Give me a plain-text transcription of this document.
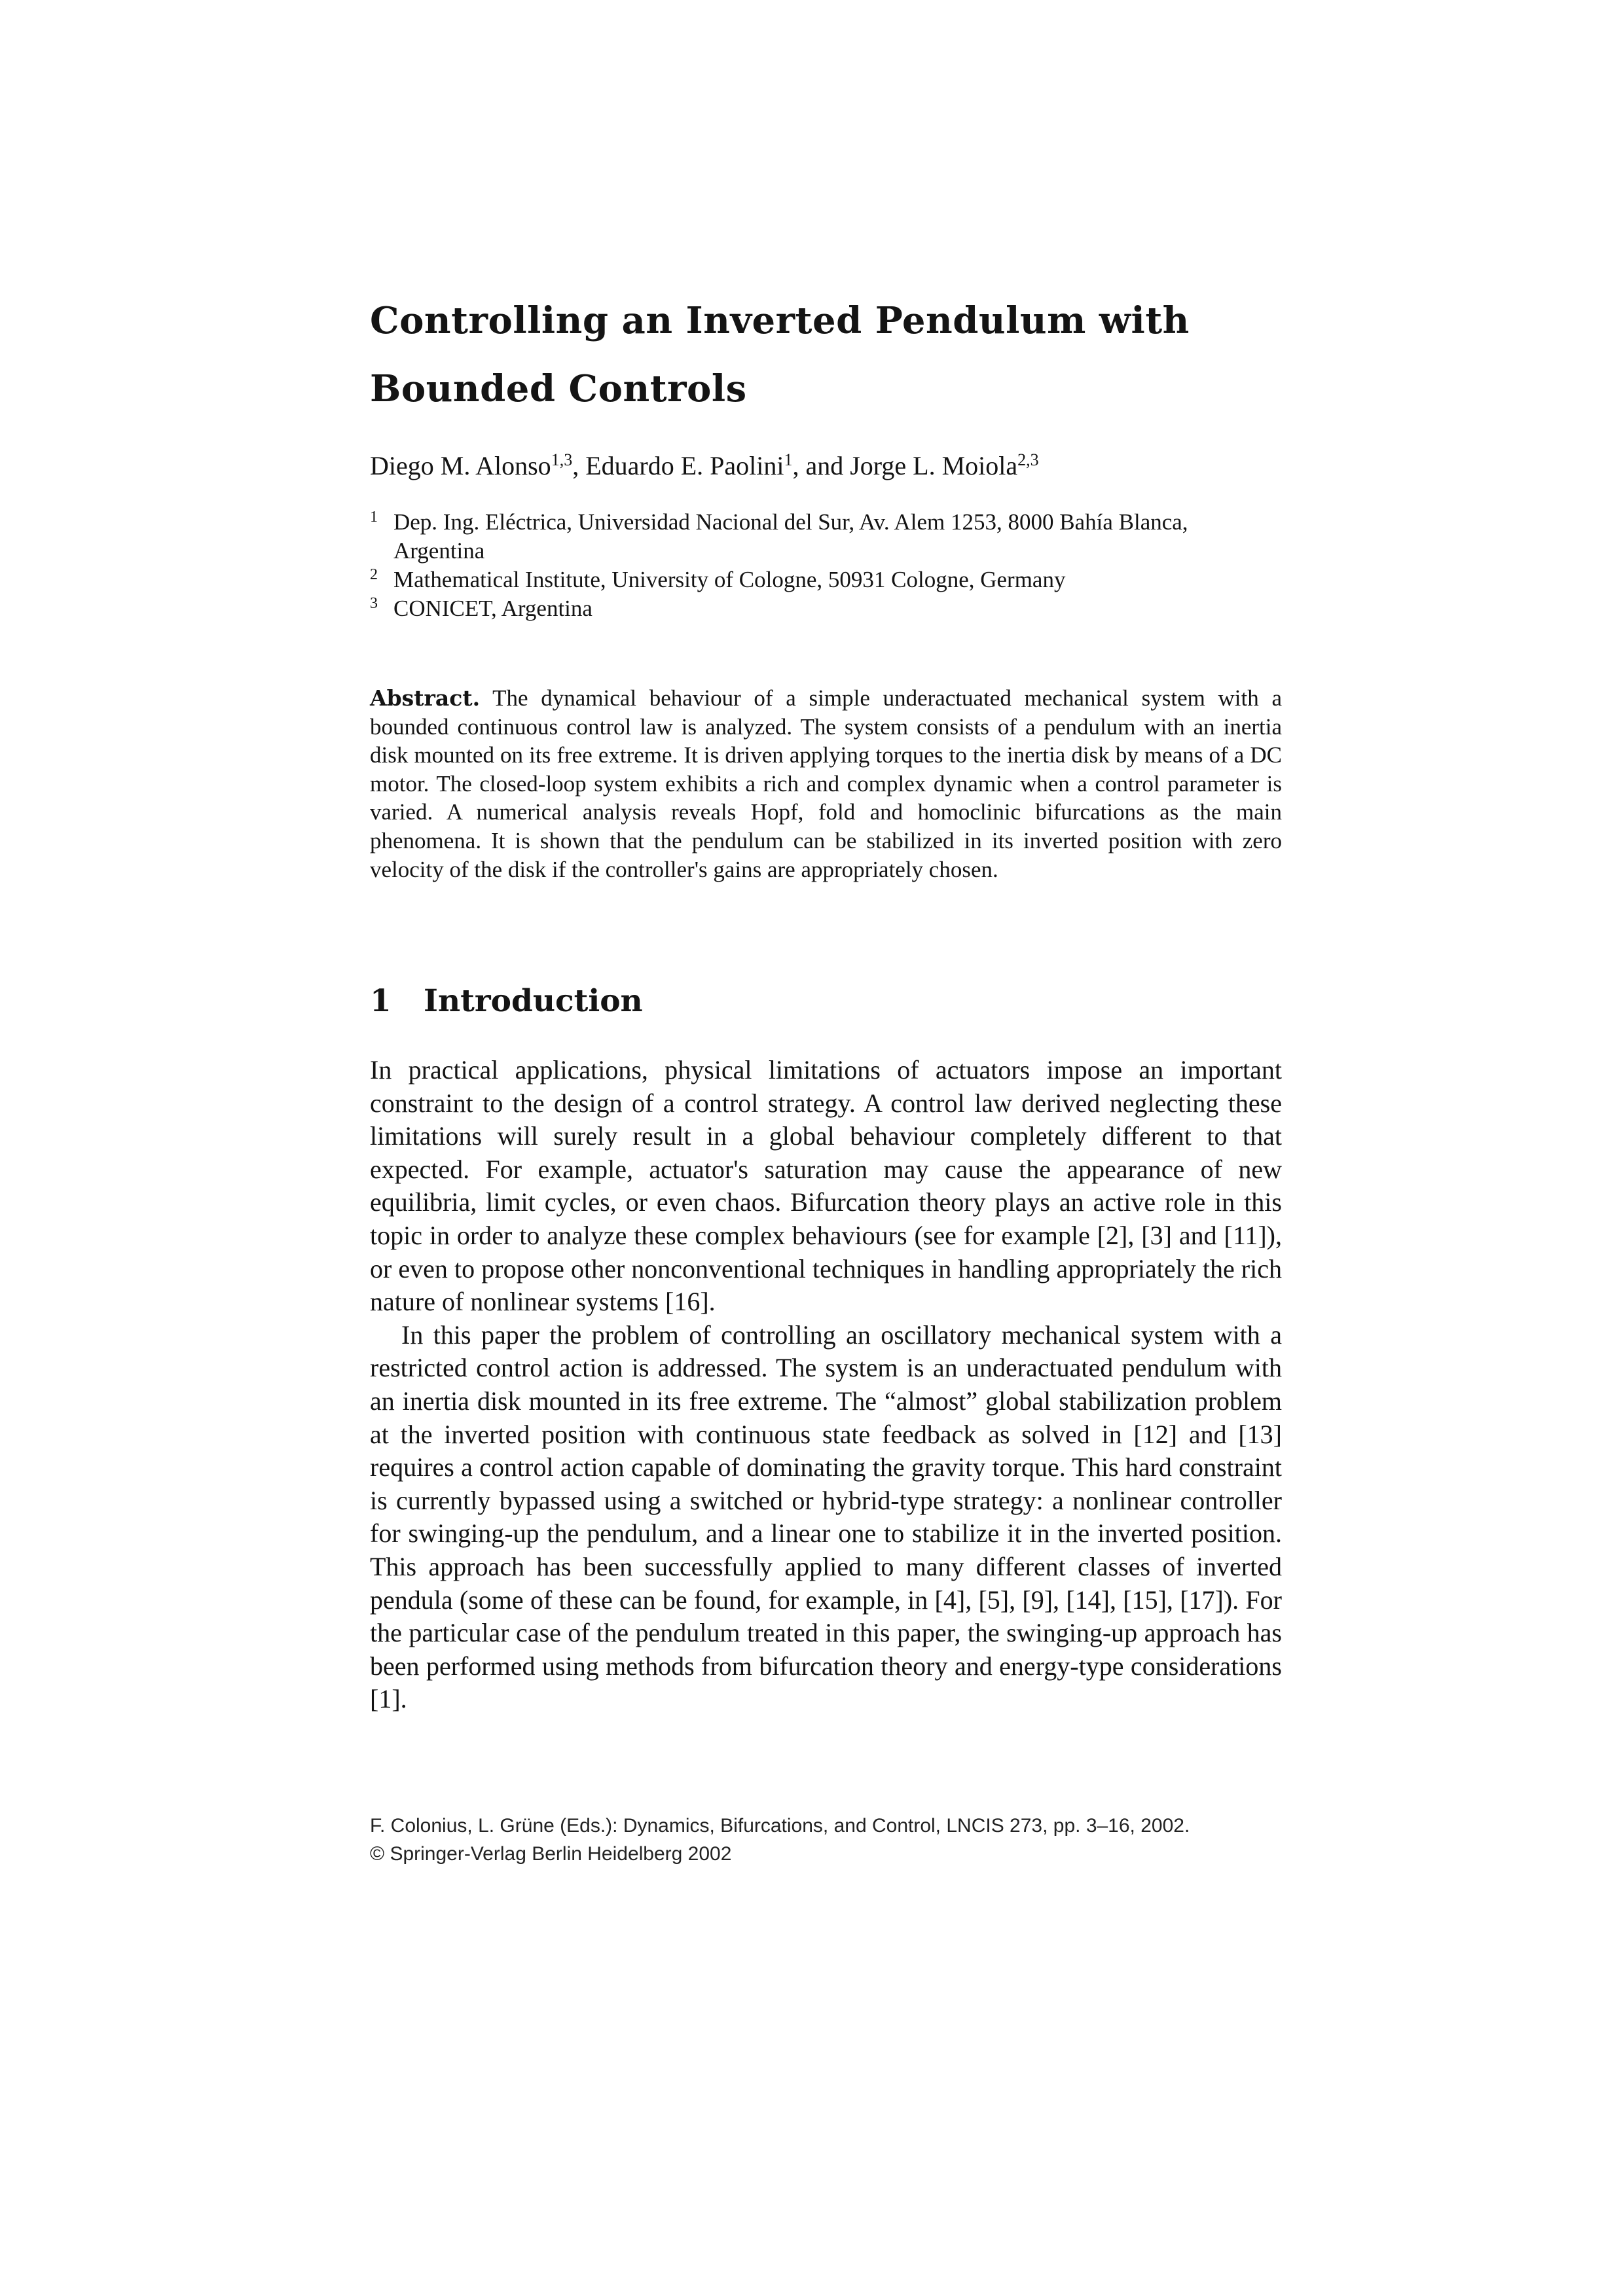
Controlling an Inverted Pendulum with
Bounded Controls
Diego M. Alonso$^{1,3}$, Eduardo E. Paolini$^1$, and Jorge L. Moiola$^{2,3}$
1 Dep. Ing. Eléctrica, Universidad Nacional del Sur, Av. Alem 1253, 8000 Bahía Blanca, Argentina
2 Mathematical Institute, University of Cologne, 50931 Cologne, Germany
3 CONICET, Argentina

Abstract. The dynamical behaviour of a simple underactuated mechanical system with a bounded continuous control law is analyzed. The system consists of a pendulum with an inertia disk mounted on its free extreme. It is driven applying torques to the inertia disk by means of a DC motor. The closed-loop system exhibits a rich and complex dynamic when a control parameter is varied. A numerical analysis reveals Hopf, fold and homoclinic bifurcations as the main phenomena. It is shown that the pendulum can be stabilized in its inverted position with zero velocity of the disk if the controller's gains are appropriately chosen.

1 Introduction

In practical applications, physical limitations of actuators impose an important constraint to the design of a control strategy. A control law derived neglecting these limitations will surely result in a global behaviour completely different to that expected. For example, actuator's saturation may cause the appearance of new equilibria, limit cycles, or even chaos. Bifurcation theory plays an active role in this topic in order to analyze these complex behaviours (see for example [2], [3] and [11]), or even to propose other nonconventional techniques in handling appropriately the rich nature of nonlinear systems [16].

In this paper the problem of controlling an oscillatory mechanical system with a restricted control action is addressed. The system is an underactuated pendulum with an inertia disk mounted in its free extreme. The “almost” global stabilization problem at the inverted position with continuous state feedback as solved in [12] and [13] requires a control action capable of dominating the gravity torque. This hard constraint is currently bypassed using a switched or hybrid-type strategy: a nonlinear controller for swinging-up the pendulum, and a linear one to stabilize it in the inverted position. This approach has been successfully applied to many different classes of inverted pendula (some of these can be found, for example, in [4], [5], [9], [14], [15], [17]). For the particular case of the pendulum treated in this paper, the swinging-up approach has been performed using methods from bifurcation theory and energy-type considerations [1].

F. Colonius, L. Grüne (Eds.): Dynamics, Bifurcations, and Control, LNCIS 273, pp. 3–16, 2002.
© Springer-Verlag Berlin Heidelberg 2002
